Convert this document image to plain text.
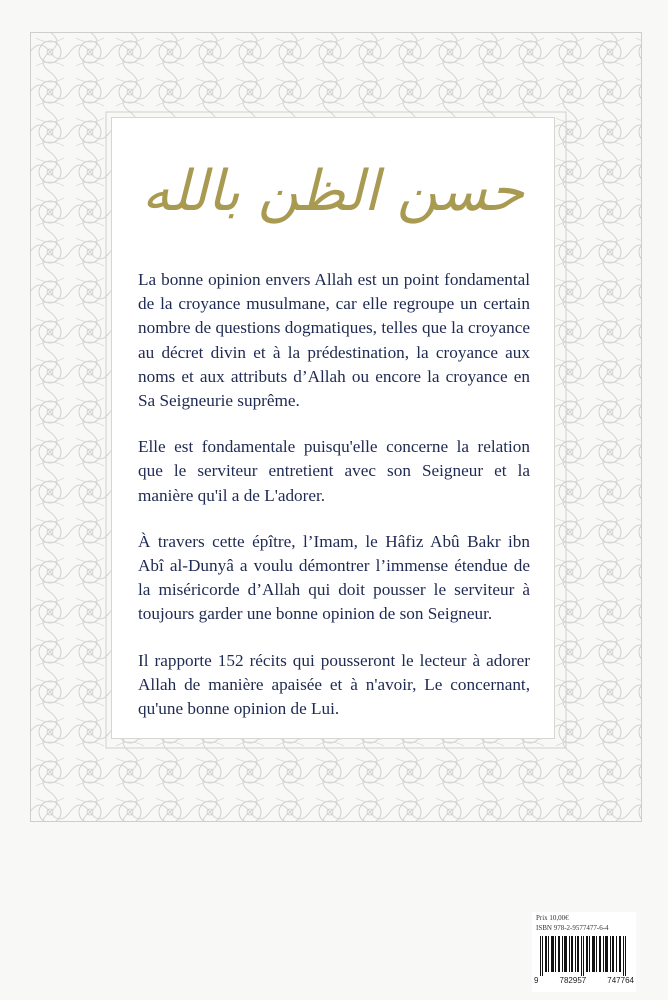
حسن الظن بالله

La bonne opinion envers Allah est un point fondamental de la croyance musulmane, car elle regroupe un certain nombre de questions dogmatiques, telles que la croyance au décret divin et à la prédestination, la croyance aux noms et aux attributs d’Allah ou encore la croyance en Sa Seigneurie suprême.

Elle est fondamentale puisqu'elle concerne la relation que le serviteur entretient avec son Seigneur et la manière qu'il a de L'adorer.

À travers cette épître, l’Imam, le Hâfiz Abû Bakr ibn Abî al-Dunyâ a voulu démontrer l’immense étendue de la miséricorde d’Allah qui doit pousser le serviteur à toujours garder une bonne opinion de son Seigneur.

Il rapporte 152 récits qui pousseront le lecteur à adorer Allah de manière apaisée et à n'avoir, Le concernant, qu'une bonne opinion de Lui.

Prix 10,00€
ISBN 978-2-9577477-6-4
9	782957	747764
